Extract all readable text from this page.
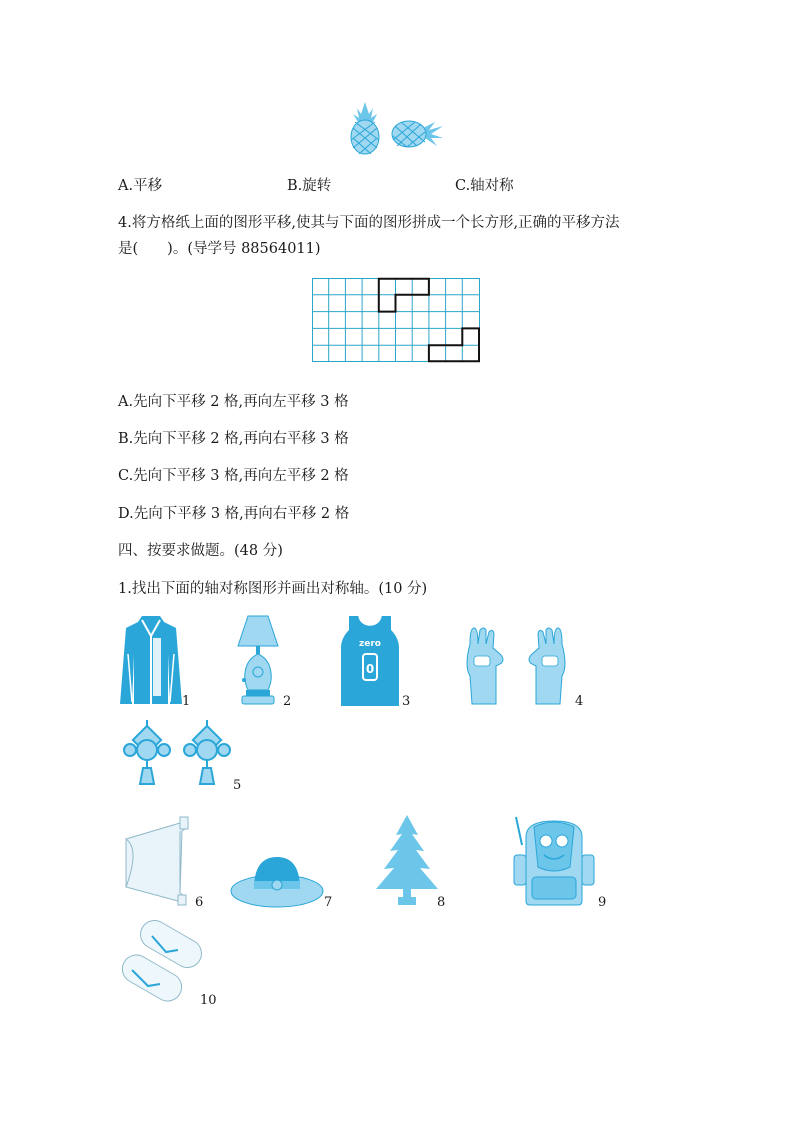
A.平移	B.旋转	C.轴对称
4.将方格纸上面的图形平移,使其与下面的图形拼成一个长方形,正确的平移方法
是(　　)。(导学号 88564011)
A.先向下平移 2 格,再向左平移 3 格
B.先向下平移 2 格,再向右平移 3 格
C.先向下平移 3 格,再向左平移 2 格
D.先向下平移 3 格,再向右平移 2 格
四、按要求做题。(48 分)
1.找出下面的轴对称图形并画出对称轴。(10 分)
1	2
zero
0
3	4
5
6	7	8	9
10
